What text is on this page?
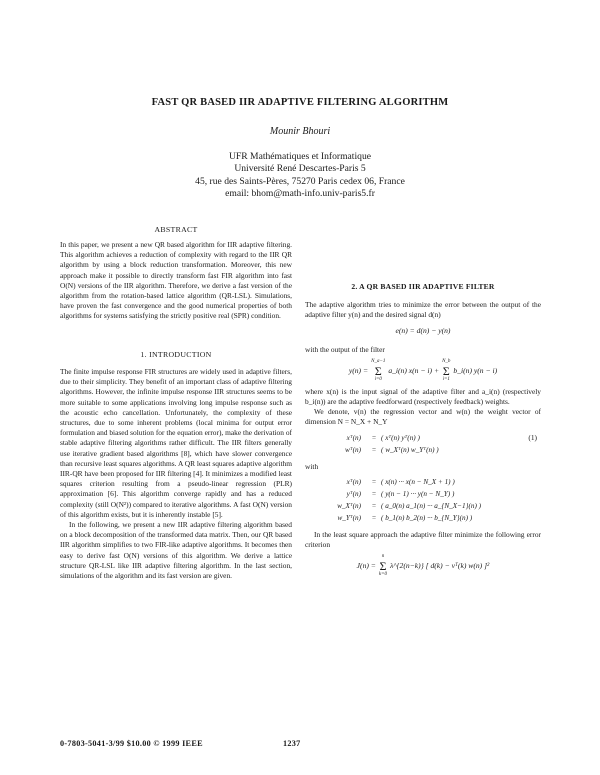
FAST QR BASED IIR ADAPTIVE FILTERING ALGORITHM
Mounir Bhouri
UFR Mathématiques et Informatique
Université René Descartes-Paris 5
45, rue des Saints-Pères, 75270 Paris cedex 06, France
email: bhom@math-info.univ-paris5.fr
ABSTRACT

In this paper, we present a new QR based algorithm for IIR adaptive filtering. This algorithm achieves a reduction of complexity with regard to the IIR QR algorithm by using a block reduction transformation. Moreover, this new approach make it possible to directly transform fast FIR algorithm into fast O(N) versions of the IIR algorithm. Therefore, we derive a fast version of the algorithm from the rotation-based lattice algorithm (QR-LSL). Simulations, have proven the fast convergence and the good numerical properties of both algorithms for systems satisfying the strictly positive real (SPR) condition.

1. INTRODUCTION

The finite impulse response FIR structures are widely used in adaptive filters, due to their simplicity. They benefit of an important class of adaptive filtering algorithms. However, the infinite impulse response IIR structures seems to be more suitable to some applications involving long impulse response such as the acoustic echo cancellation. Unfortunately, the complexity of these structures, due to some inherent problems (local minima for output error formulation and biased solution for the equation error), make the derivation of stable adaptive filtering algorithms rather difficult. The IIR filters generally use iterative gradient based algorithms [8], which have slower convergence than recursive least squares algorithms. A QR least squares adaptive algorithm IIR-QR have been proposed for IIR filtering [4]. It minimizes a modified least squares criterion resulting from a pseudo-linear regression (PLR) approximation [6]. This algorithm converge rapidly and has a reduced complexity (still O(N²)) compared to iterative algorithms. A fast O(N) version of this algorithm exists, but it is inherently instable [5].

In the following, we present a new IIR adaptive filtering algorithm based on a block decomposition of the transformed data matrix. Then, our QR based IIR algorithm simplifies to two FIR-like adaptive algorithms. It becomes then easy to derive fast O(N) versions of this algorithm. We derive a lattice structure QR-LSL like IIR adaptive filtering algorithm. In the last section, simulations of the algorithm and its fast version are given.

2. A QR BASED IIR ADAPTIVE FILTER

The adaptive algorithm tries to minimize the error between the output of the adaptive filter y(n) and the desired signal d(n)

e(n) = d(n) − y(n)

with the output of the filter

y(n) =
N_a−1
Σ
i=0
a_i(n) x(n − i) +
N_b
Σ
i=1
b_i(n) y(n − i)

where x(n) is the input signal of the adaptive filter and a_i(n) (respectively b_i(n)) are the adaptive feedforward (respectively feedback) weights.

We denote, v(n) the regression vector and w(n) the weight vector of dimension N = N_X + N_Y

xᵀ(n)	= ( xᵀ(n) yᵀ(n) )
wᵀ(n)	= ( w_Xᵀ(n) w_Yᵀ(n) )
(1)

with

xᵀ(n)	= ( x(n) ··· x(n − N_X + 1) )
yᵀ(n)	= ( y(n − 1) ··· y(n − N_Y) )
w_Xᵀ(n)	= ( a_0(n) a_1(n) ··· a_{N_X−1}(n) )
w_Yᵀ(n)	= ( b_1(n) b_2(n) ··· b_{N_Y}(n) )

In the least square approach the adaptive filter minimize the following error criterion

J(n) =
n
Σ
k=0
λ^{2(n−k)} [ d(k) − vᵀ(k) w(n) ]²
0-7803-5041-3/99 $10.00 © 1999 IEEE	1237
